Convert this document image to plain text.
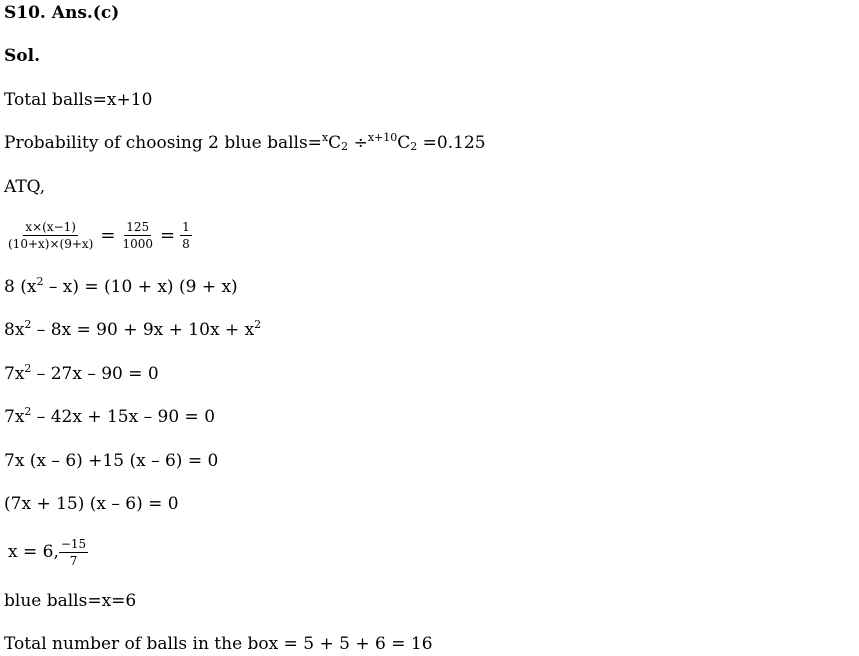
S10. Ans.(c)
Sol.
Total balls=x+10
Probability of choosing 2 blue $balls=^xC_2 \div^{x+10}C_2 =0.125$
ATQ,
$\frac{x\times(x-1)}{(10+x)\times(9+x)} = \frac{125}{1000} = \frac{1}{8}$
8 $(x^2 - x) = (10 + x) (9 + x)$
$8x^2 - 8x = 90 + 9x + 10x + x^2$
$7x^2 - 27x - 90 = 0$
$7x^2 - 42x + 15x - 90 = 0$
7x (x – 6) +15 (x – 6) = 0
(7x + 15) (x – 6) = 0
x = 6, $\frac{-15}{7}$
blue balls=x=6
Total number of balls in the box = 5 + 5 + 6 = 16
